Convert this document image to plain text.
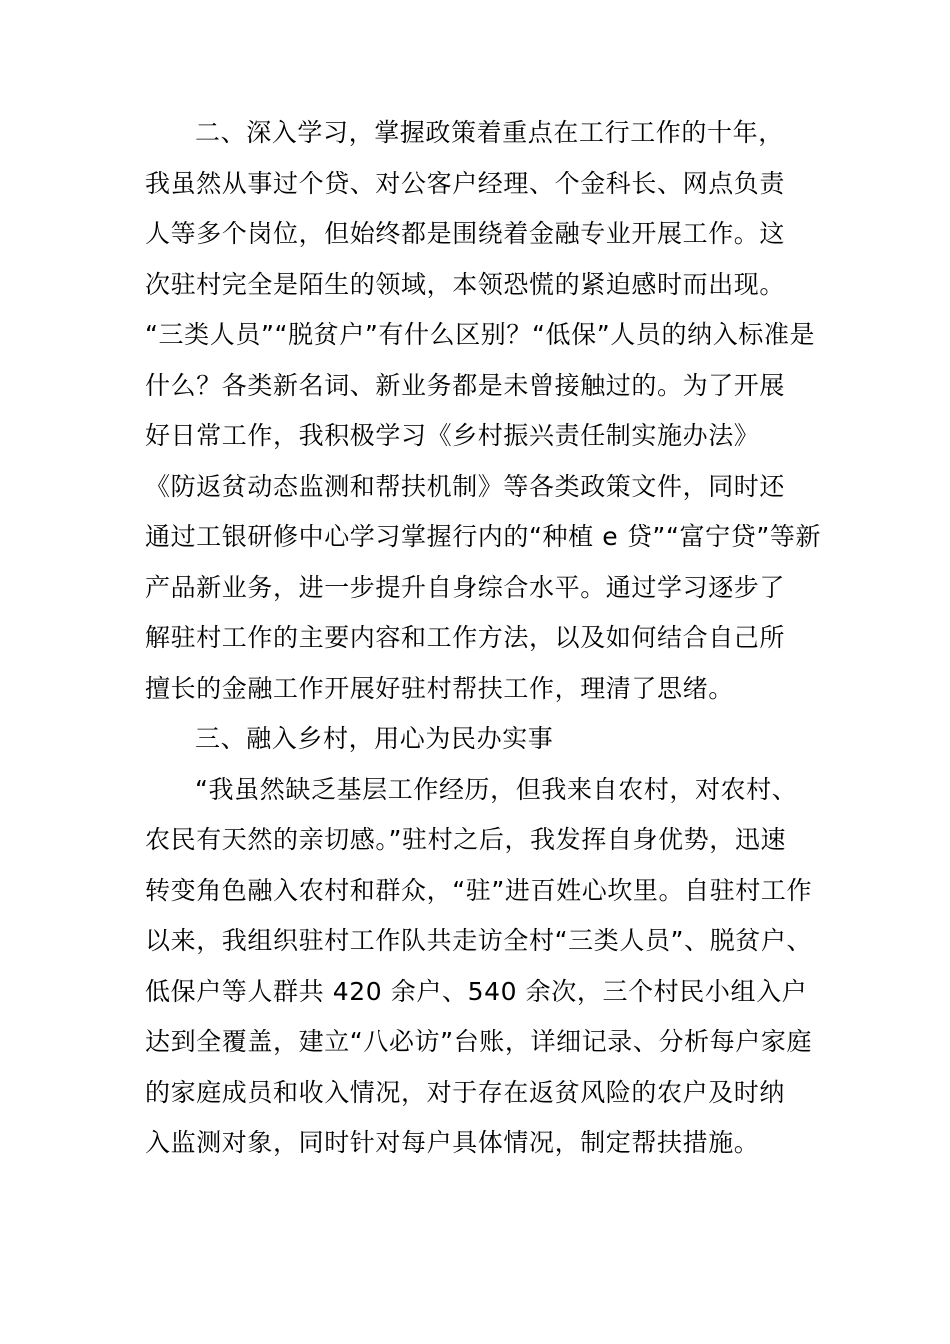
二、深入学习，掌握政策着重点在工行工作的十年，
我虽然从事过个贷、对公客户经理、个金科长、网点负责
人等多个岗位，但始终都是围绕着金融专业开展工作。这
次驻村完全是陌生的领域，本领恐慌的紧迫感时而出现。
“三类人员”“脱贫户”有什么区别？“低保”人员的纳入标准是
什么？各类新名词、新业务都是未曾接触过的。为了开展
好日常工作，我积极学习《乡村振兴责任制实施办法》
《防返贫动态监测和帮扶机制》等各类政策文件，同时还
通过工银研修中心学习掌握行内的“种植 e 贷”“富宁贷”等新
产品新业务，进一步提升自身综合水平。通过学习逐步了
解驻村工作的主要内容和工作方法，以及如何结合自己所
擅长的金融工作开展好驻村帮扶工作，理清了思绪。
三、融入乡村，用心为民办实事
“我虽然缺乏基层工作经历，但我来自农村，对农村、
农民有天然的亲切感。”驻村之后，我发挥自身优势，迅速
转变角色融入农村和群众，“驻”进百姓心坎里。自驻村工作
以来，我组织驻村工作队共走访全村“三类人员”、脱贫户、
低保户等人群共 420 余户、540 余次，三个村民小组入户
达到全覆盖，建立“八必访”台账，详细记录、分析每户家庭
的家庭成员和收入情况，对于存在返贫风险的农户及时纳
入监测对象，同时针对每户具体情况，制定帮扶措施。
